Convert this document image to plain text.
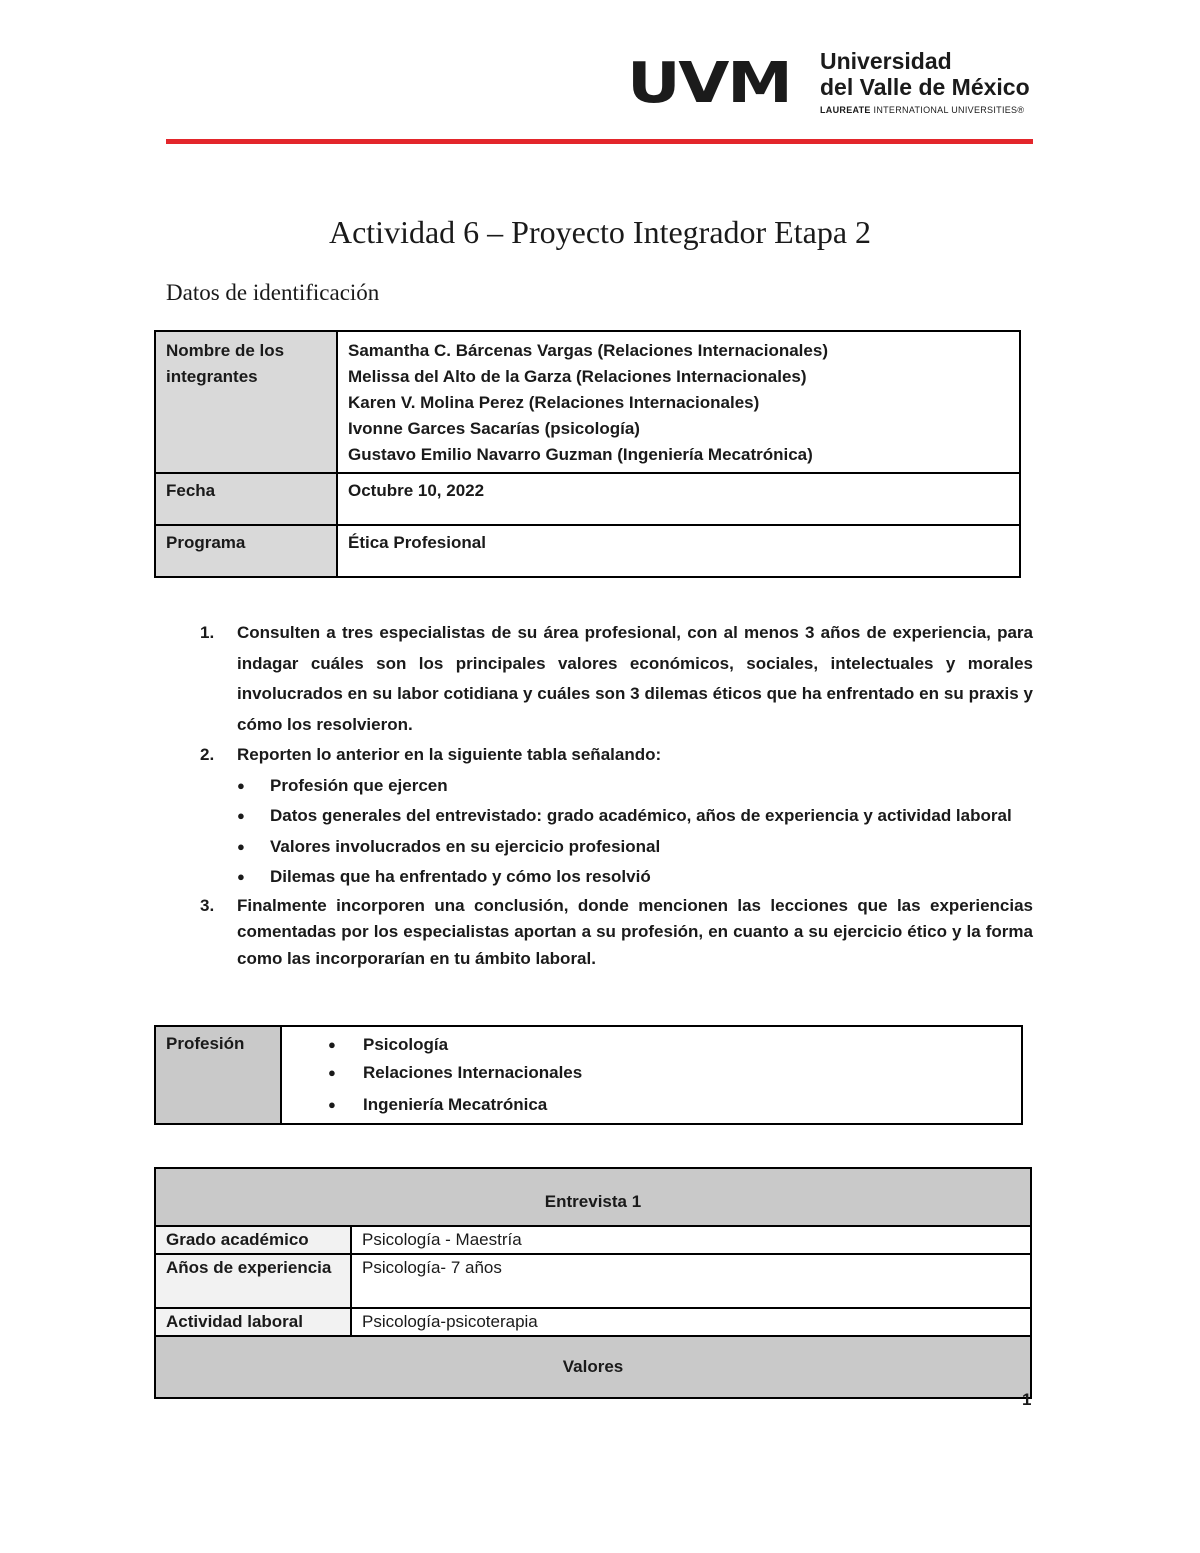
UVM Universidad
del Valle de México
LAUREATE INTERNATIONAL UNIVERSITIES®
Actividad 6 – Proyecto Integrador Etapa 2
Datos de identificación
Nombre de los integrantes	Samantha C. Bárcenas Vargas (Relaciones Internacionales)
Melissa del Alto de la Garza (Relaciones Internacionales)
Karen V. Molina Perez (Relaciones Internacionales)
Ivonne Garces Sacarías (psicología)
Gustavo Emilio Navarro Guzman (Ingeniería Mecatrónica)

Fecha	Octubre 10, 2022
Programa	Ética Profesional
1. Consulten a tres especialistas de su área profesional, con al menos 3 años de experiencia, para indagar cuáles son los principales valores económicos, sociales, intelectuales y morales involucrados en su labor cotidiana y cuáles son 3 dilemas éticos que ha enfrentado en su praxis y cómo los resolvieron.
2. Reporten lo anterior en la siguiente tabla señalando:
● Profesión que ejercen
● Datos generales del entrevistado: grado académico, años de experiencia y actividad laboral
● Valores involucrados en su ejercicio profesional
● Dilemas que ha enfrentado y cómo los resolvió
3. Finalmente incorporen una conclusión, donde mencionen las lecciones que las experiencias comentadas por los especialistas aportan a su profesión, en cuanto a su ejercicio ético y la forma como las incorporarían en tu ámbito laboral.
Profesión	● Psicología
● Relaciones Internacionales
● Ingeniería Mecatrónica
Entrevista 1	
Grado académico	Psicología - Maestría
Años de experiencia	Psicología- 7 años
Actividad laboral	Psicología-psicoterapia
Valores	
1
